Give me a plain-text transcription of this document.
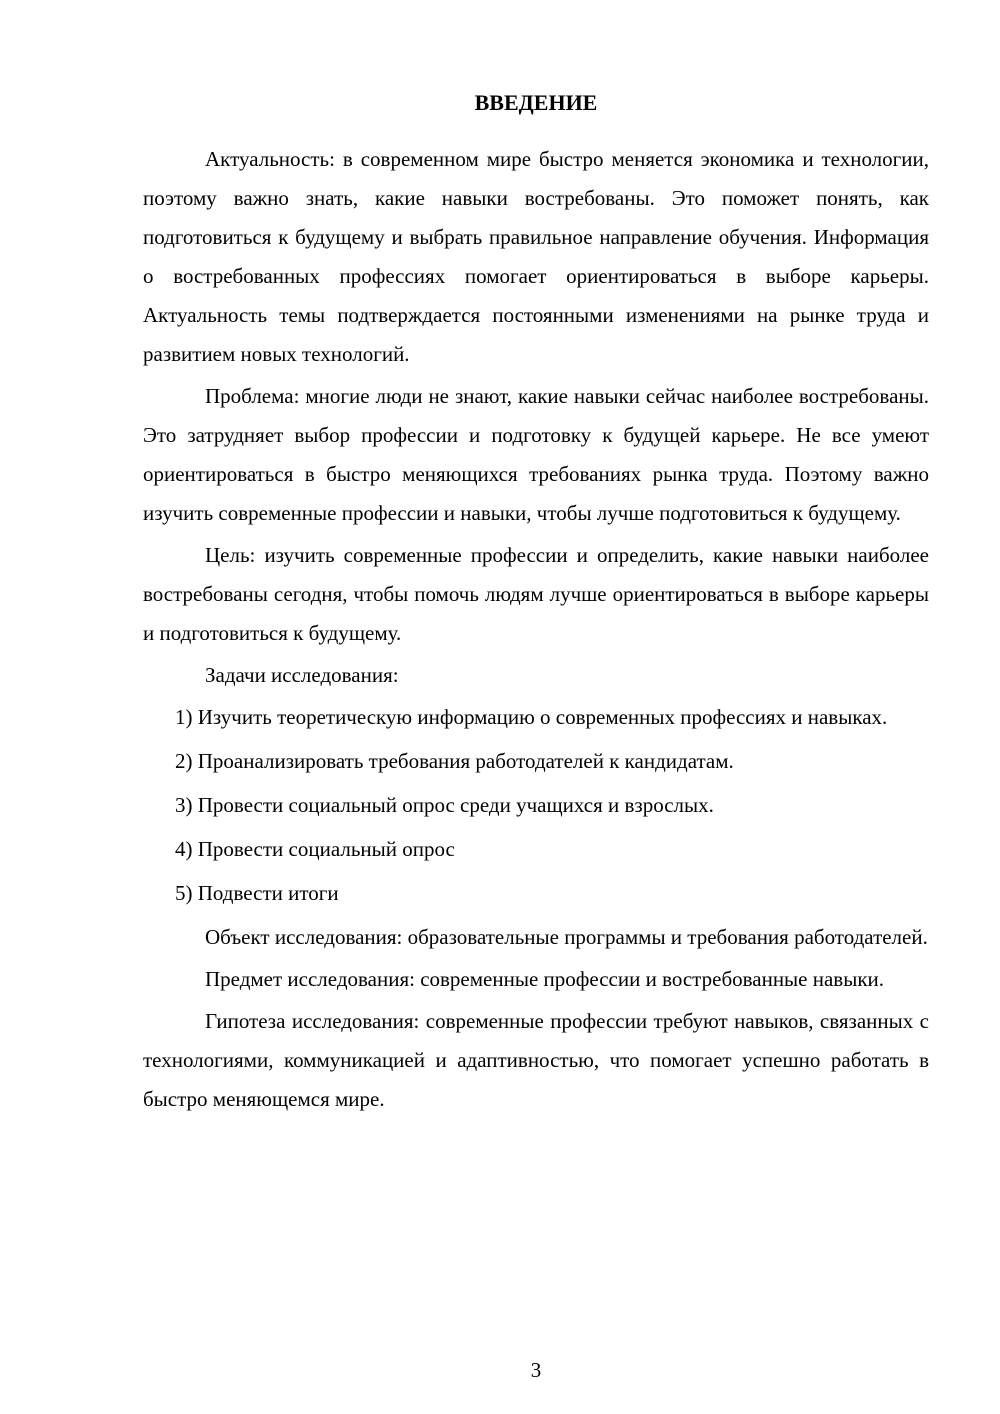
ВВЕДЕНИЕ

Актуальность: в современном мире быстро меняется экономика и технологии, поэтому важно знать, какие навыки востребованы. Это поможет понять, как подготовиться к будущему и выбрать правильное направление обучения. Информация о востребованных профессиях помогает ориентироваться в выборе карьеры. Актуальность темы подтверждается постоянными изменениями на рынке труда и развитием новых технологий.

Проблема: многие люди не знают, какие навыки сейчас наиболее востребованы. Это затрудняет выбор профессии и подготовку к будущей карьере. Не все умеют ориентироваться в быстро меняющихся требованиях рынка труда. Поэтому важно изучить современные профессии и навыки, чтобы лучше подготовиться к будущему.

Цель: изучить современные профессии и определить, какие навыки наиболее востребованы сегодня, чтобы помочь людям лучше ориентироваться в выборе карьеры и подготовиться к будущему.

Задачи исследования:

1) Изучить теоретическую информацию о современных профессиях и навыках.

2) Проанализировать требования работодателей к кандидатам.

3) Провести социальный опрос среди учащихся и взрослых.

4) Провести социальный опрос

5) Подвести итоги

Объект исследования: образовательные программы и требования работодателей.

Предмет исследования: современные профессии и востребованные навыки.

Гипотеза исследования: современные профессии требуют навыков, связанных с технологиями, коммуникацией и адаптивностью, что помогает успешно работать в быстро меняющемся мире.

3
